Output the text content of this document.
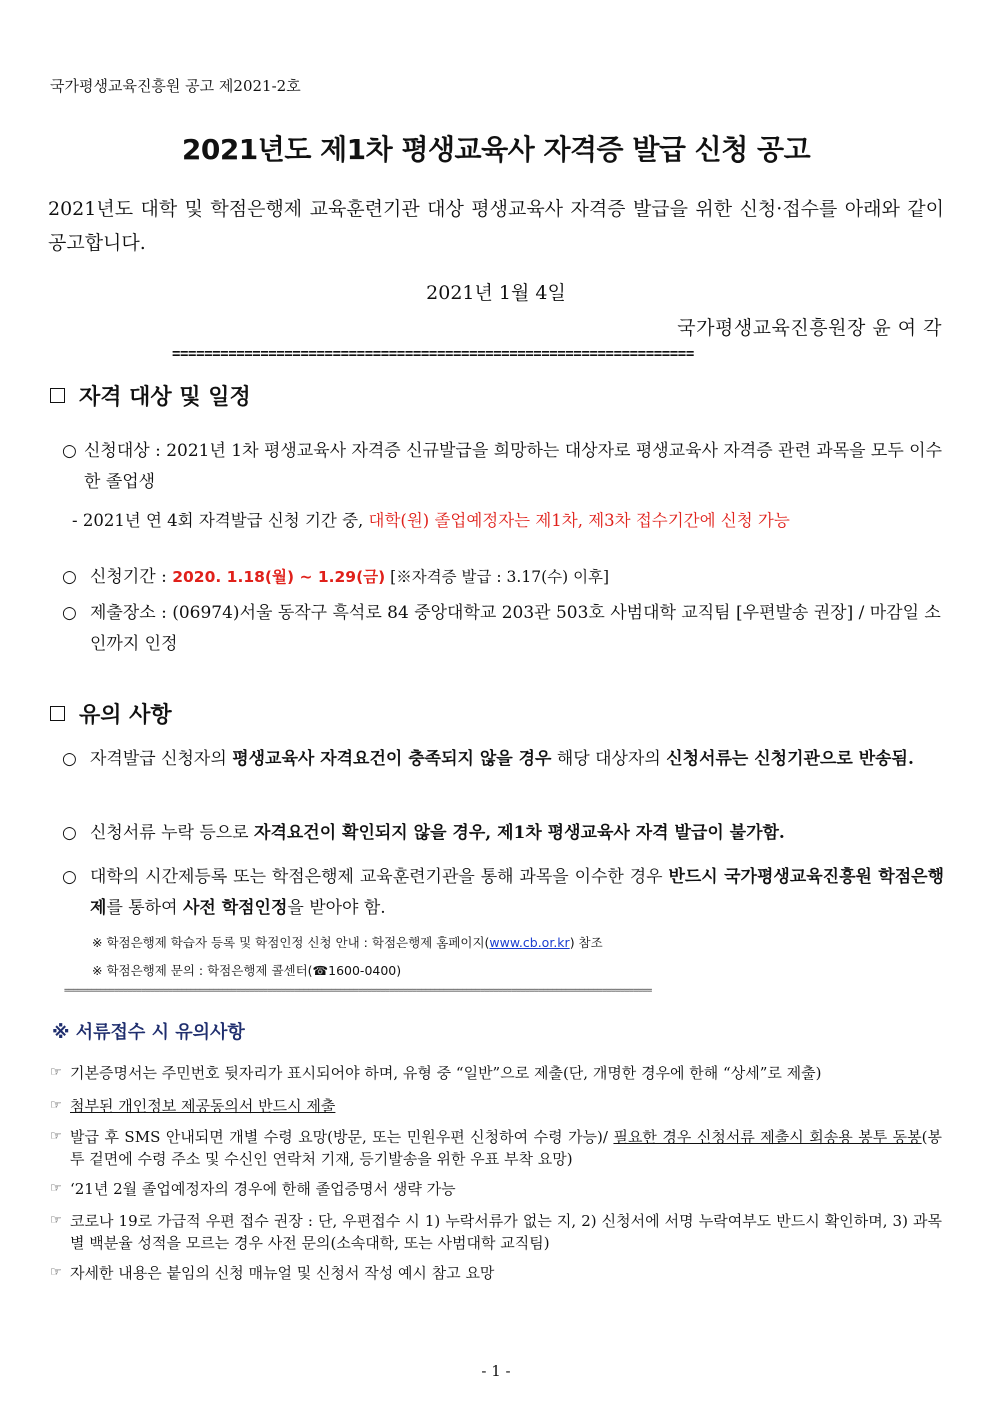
국가평생교육진흥원 공고 제2021-2호
2021년도 제1차 평생교육사 자격증 발급 신청 공고
2021년도 대학 및 학점은행제 교육훈련기관 대상 평생교육사 자격증 발급을 위한 신청·접수를 아래와 같이 공고합니다.
2021년 1월 4일
국가평생교육진흥원장 윤 여 각
=================================================================
자격 대상 및 일정
○ 신청대상 : 2021년 1차 평생교육사 자격증 신규발급을 희망하는 대상자로 평생교육사 자격증 관련 과목을 모두 이수한 졸업생
- 2021년 연 4회 자격발급 신청 기간 중, 대학(원) 졸업예정자는 제1차, 제3차 접수기간에 신청 가능
○ 신청기간 : 2020. 1.18(월) ~ 1.29(금) [※자격증 발급 : 3.17(수) 이후]
○ 제출장소 : (06974)서울 동작구 흑석로 84 중앙대학교 203관 503호 사범대학 교직팀 [우편발송 권장] / 마감일 소인까지 인정
유의 사항
○ 자격발급 신청자의 평생교육사 자격요건이 충족되지 않을 경우 해당 대상자의 신청서류는 신청기관으로 반송됨.
○ 신청서류 누락 등으로 자격요건이 확인되지 않을 경우, 제1차 평생교육사 자격 발급이 불가함.
○ 대학의 시간제등록 또는 학점은행제 교육훈련기관을 통해 과목을 이수한 경우 반드시 국가평생교육진흥원 학점은행제를 통하여 사전 학점인정을 받아야 함.
※ 학점은행제 학습자 등록 및 학점인정 신청 안내 : 학점은행제 홈페이지(www.cb.or.kr) 참조
※ 학점은행제 문의 : 학점은행제 콜센터(☎1600-0400)
==================================================================================================================================
※ 서류접수 시 유의사항
☞ 기본증명서는 주민번호 뒷자리가 표시되어야 하며, 유형 중 “일반”으로 제출(단, 개명한 경우에 한해 “상세”로 제출)
☞ 첨부된 개인정보 제공동의서 반드시 제출
☞ 발급 후 SMS 안내되면 개별 수령 요망(방문, 또는 민원우편 신청하여 수령 가능)/ 필요한 경우 신청서류 제출시 회송용 봉투 동봉(봉투 겉면에 수령 주소 및 수신인 연락처 기재, 등기발송을 위한 우표 부착 요망)
☞ ‘21년 2월 졸업예정자의 경우에 한해 졸업증명서 생략 가능
☞ 코로나 19로 가급적 우편 접수 권장 : 단, 우편접수 시 1) 누락서류가 없는 지, 2) 신청서에 서명 누락여부도 반드시 확인하며, 3) 과목별 백분율 성적을 모르는 경우 사전 문의(소속대학, 또는 사범대학 교직팀)
☞ 자세한 내용은 붙임의 신청 매뉴얼 및 신청서 작성 예시 참고 요망
- 1 -
